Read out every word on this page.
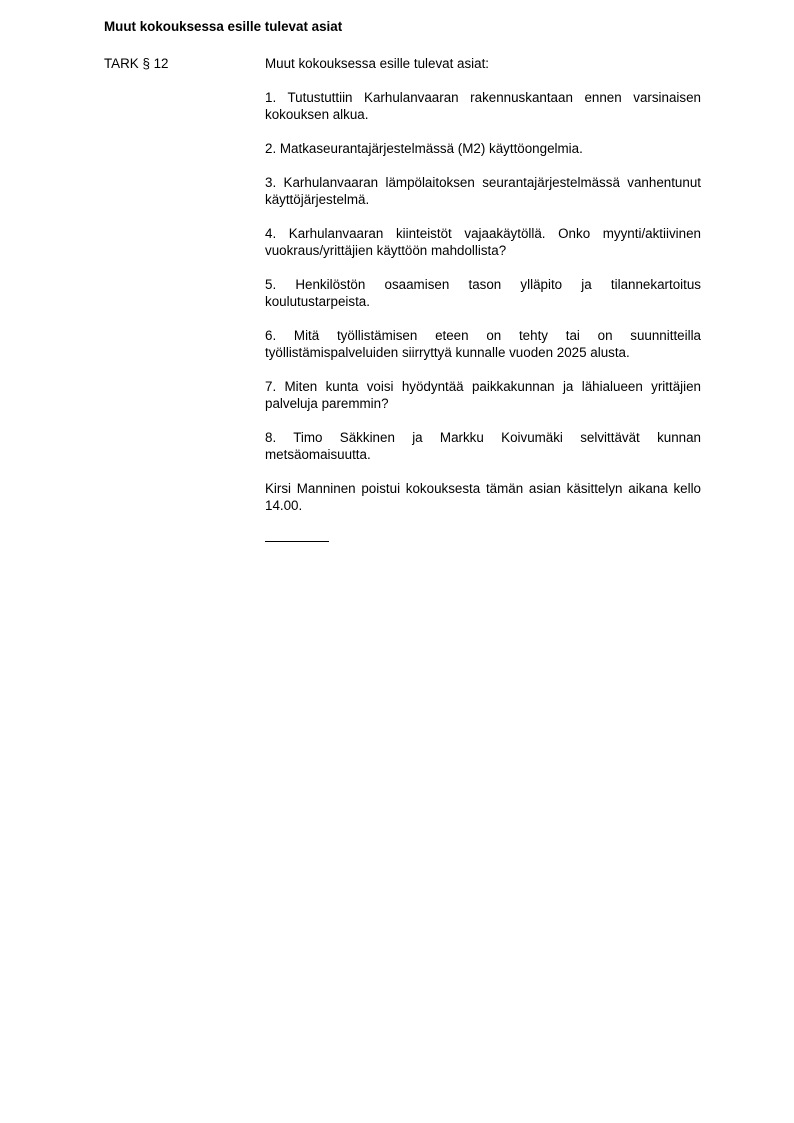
Muut kokouksessa esille tulevat asiat
TARK § 12	Muut kokouksessa esille tulevat asiat:

1. Tutustuttiin Karhulanvaaran rakennuskantaan ennen varsinaisen kokouksen alkua.

2. Matkaseurantajärjestelmässä (M2) käyttöongelmia.

3. Karhulanvaaran lämpölaitoksen seurantajärjestelmässä vanhentunut käyttöjärjestelmä.

4. Karhulanvaaran kiinteistöt vajaakäytöllä. Onko myynti/aktiivinen vuokraus/yrittäjien käyttöön mahdollista?

5. Henkilöstön osaamisen tason ylläpito ja tilannekartoitus koulutustarpeista.

6. Mitä työllistämisen eteen on tehty tai on suunnitteilla työllistämispalveluiden siirryttyä kunnalle vuoden 2025 alusta.

7. Miten kunta voisi hyödyntää paikkakunnan ja lähialueen yrittäjien palveluja paremmin?

8. Timo Säkkinen ja Markku Koivumäki selvittävät kunnan metsäomaisuutta.

Kirsi Manninen poistui kokouksesta tämän asian käsittelyn aikana kello 14.00.
